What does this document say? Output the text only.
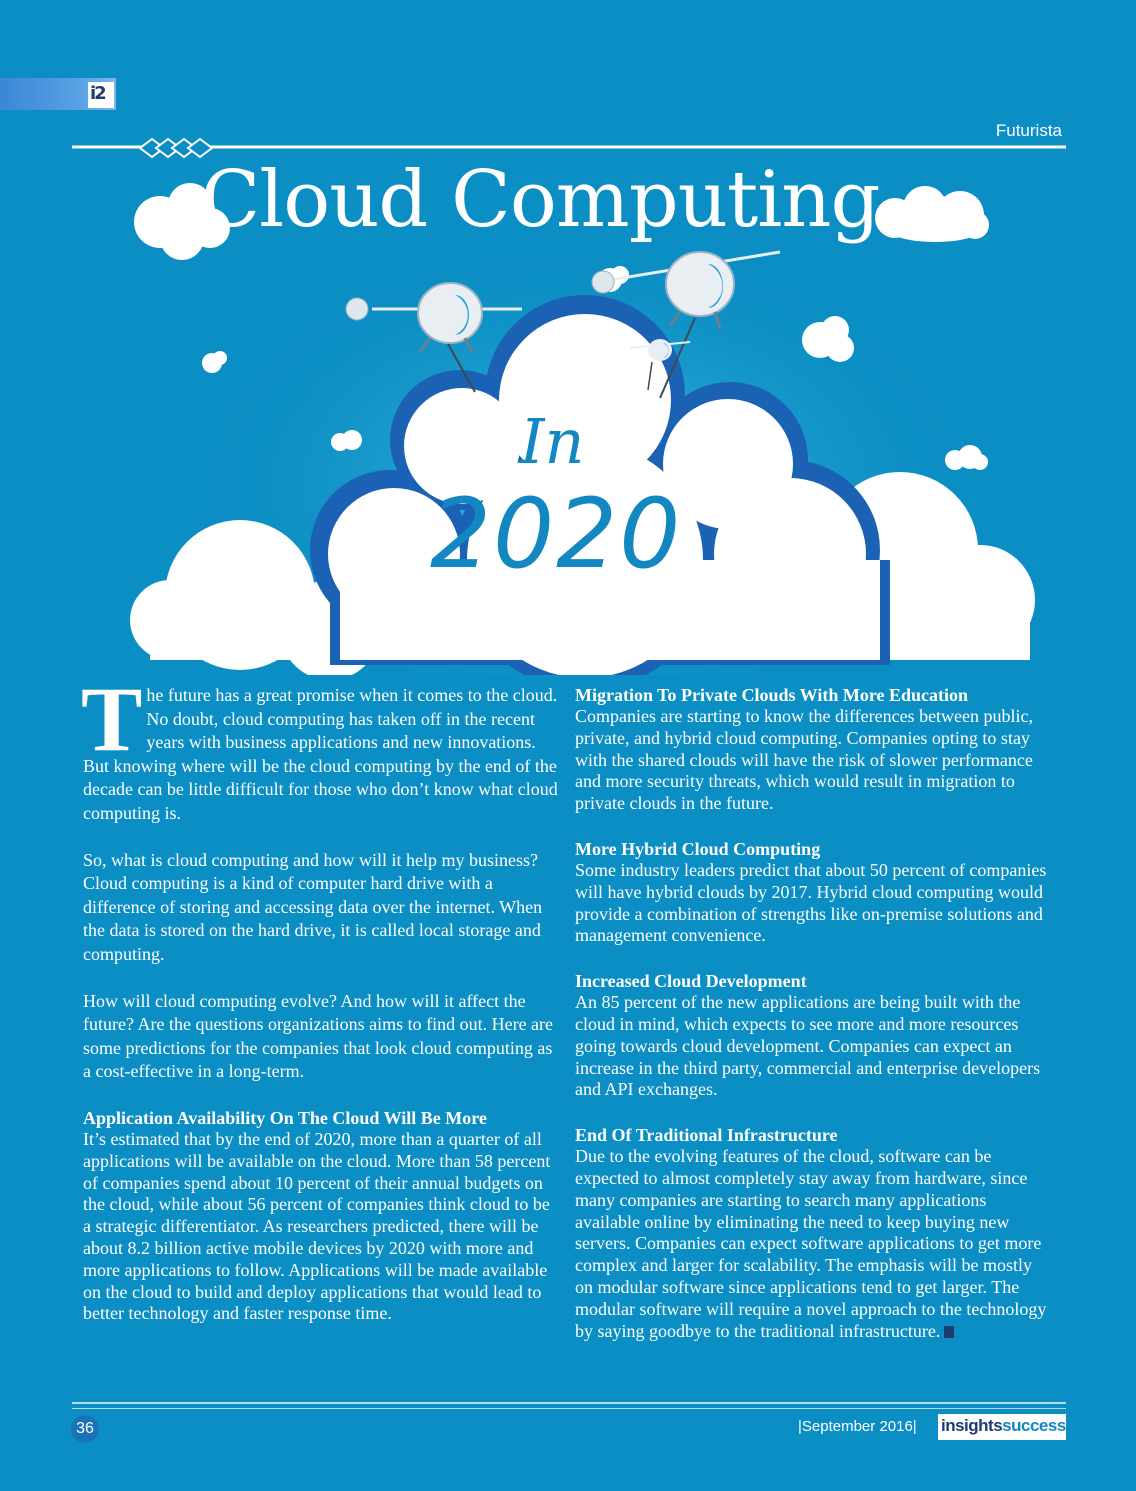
i2
Futurista
Cloud Computing
In
2020

The future has a great promise when it comes to the cloud. No doubt, cloud computing has taken off in the recent years with business applications and new innovations. But knowing where will be the cloud computing by the end of the decade can be little difficult for those who don’t know what cloud computing is.

So, what is cloud computing and how will it help my business? Cloud computing is a kind of computer hard drive with a difference of storing and accessing data over the internet. When the data is stored on the hard drive, it is called local storage and computing.

How will cloud computing evolve? And how will it affect the future? Are the questions organizations aims to find out. Here are some predictions for the companies that look cloud computing as a cost-effective in a long-term.

Application Availability On The Cloud Will Be More

It’s estimated that by the end of 2020, more than a quarter of all applications will be available on the cloud. More than 58 percent of companies spend about 10 percent of their annual budgets on the cloud, while about 56 percent of companies think cloud to be a strategic differentiator. As researchers predicted, there will be about 8.2 billion active mobile devices by 2020 with more and more applications to follow. Applications will be made available on the cloud to build and deploy applications that would lead to better technology and faster response time.

Migration To Private Clouds With More Education

Companies are starting to know the differences between public, private, and hybrid cloud computing. Companies opting to stay with the shared clouds will have the risk of slower performance and more security threats, which would result in migration to private clouds in the future.

More Hybrid Cloud Computing

Some industry leaders predict that about 50 percent of companies will have hybrid clouds by 2017. Hybrid cloud computing would provide a combination of strengths like on-premise solutions and management convenience.

Increased Cloud Development

An 85 percent of the new applications are being built with the cloud in mind, which expects to see more and more resources going towards cloud development. Companies can expect an increase in the third party, commercial and enterprise developers and API exchanges.

End Of Traditional Infrastructure

Due to the evolving features of the cloud, software can be expected to almost completely stay away from hardware, since many companies are starting to search many applications available online by eliminating the need to keep buying new servers. Companies can expect software applications to get more complex and larger for scalability. The emphasis will be mostly on modular software since applications tend to get larger. The modular software will require a novel approach to the technology by saying goodbye to the traditional infrastructure.

36	|September 2016| insightssuccess
